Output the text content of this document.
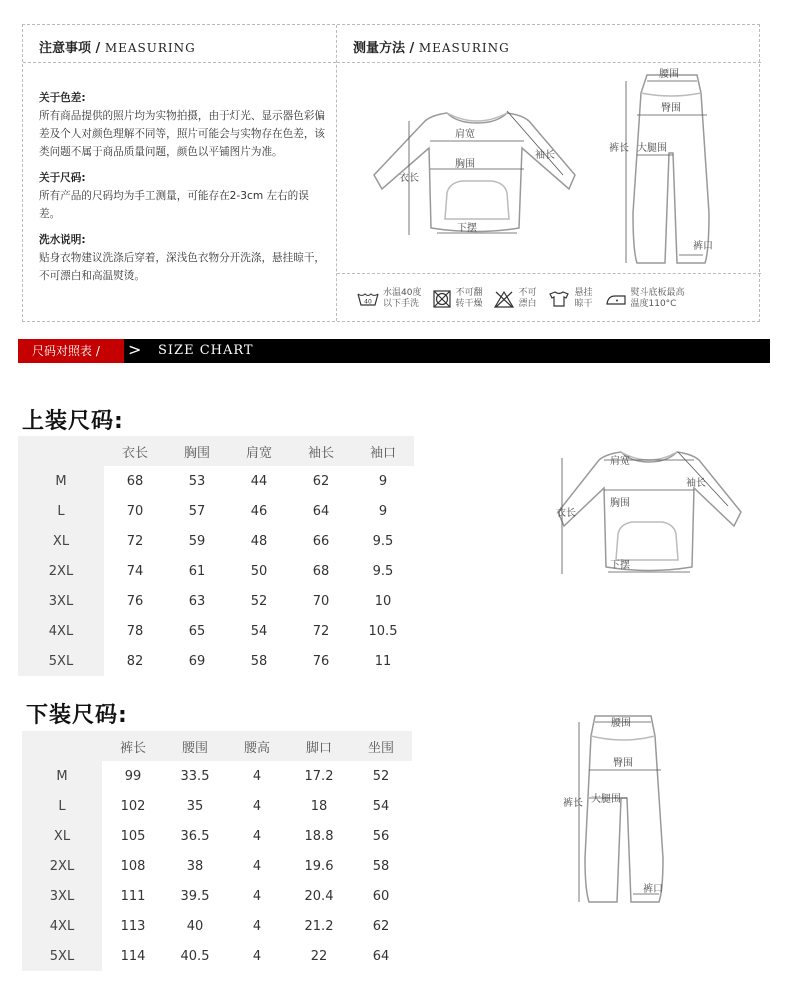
注意事项 / MEASURING
关于色差:
所有商品提供的照片均为实物拍摄，由于灯光、显示器色彩偏差及个人对颜色理解不同等，照片可能会与实物存在色差，该类问题不属于商品质量问题，颜色以平铺图片为准。
关于尺码:
所有产品的尺码均为手工测量，可能存在2-3cm 左右的误差。
洗水说明:
贴身衣物建议洗涤后穿着，深浅色衣物分开洗涤，悬挂晾干，不可漂白和高温熨烫。
测量方法 / MEASURING
肩宽
袖长
胸围
衣长
下摆
腰围
臀围
裤长 大腿围
裤口
40
水温40度
以下手洗
不可翻
转干燥
不可
漂白
悬挂
晾干
熨斗底板最高
温度110°C
尺码对照表 /	> SIZE CHART
上装尺码:
	衣长	胸围	肩宽	袖长	袖口
M	68	53	44	62	9
L	70	57	46	64	9
XL	72	59	48	66	9.5
2XL	74	61	50	68	9.5
3XL	76	63	52	70	10
4XL	78	65	54	72	10.5
5XL	82	69	58	76	11
肩宽
袖长
胸围
衣长
下摆
下装尺码:
	裤长	腰围	腰高	脚口	坐围
M	99	33.5	4	17.2	52
L	102	35	4	18	54
XL	105	36.5	4	18.8	56
2XL	108	38	4	19.6	58
3XL	111	39.5	4	20.4	60
4XL	113	40	4	21.2	62
5XL	114	40.5	4	22	64
腰围
臀围
裤长 大腿围
裤口
